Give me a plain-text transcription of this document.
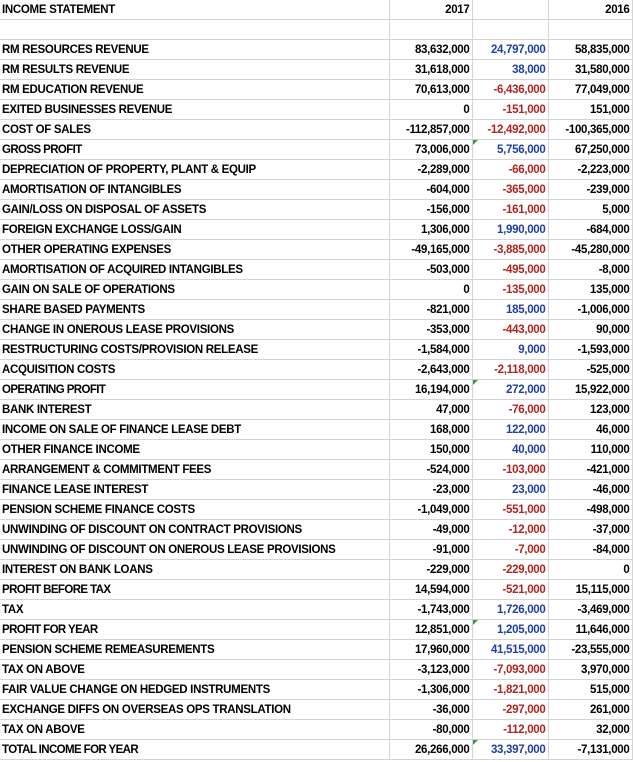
INCOME STATEMENT	2017		2016

RM RESOURCES REVENUE	83,632,000	24,797,000	58,835,000
RM RESULTS REVENUE	31,618,000	38,000	31,580,000
RM EDUCATION REVENUE	70,613,000	-6,436,000	77,049,000
EXITED BUSINESSES REVENUE	0	-151,000	151,000
COST OF SALES	-112,857,000	-12,492,000	-100,365,000
GROSS PROFIT	73,006,000	5,756,000	67,250,000
DEPRECIATION OF PROPERTY, PLANT & EQUIP	-2,289,000	-66,000	-2,223,000
AMORTISATION OF INTANGIBLES	-604,000	-365,000	-239,000
GAIN/LOSS ON DISPOSAL OF ASSETS	-156,000	-161,000	5,000
FOREIGN EXCHANGE LOSS/GAIN	1,306,000	1,990,000	-684,000
OTHER OPERATING EXPENSES	-49,165,000	-3,885,000	-45,280,000
AMORTISATION OF ACQUIRED INTANGIBLES	-503,000	-495,000	-8,000
GAIN ON SALE OF OPERATIONS	0	-135,000	135,000
SHARE BASED PAYMENTS	-821,000	185,000	-1,006,000
CHANGE IN ONEROUS LEASE PROVISIONS	-353,000	-443,000	90,000
RESTRUCTURING COSTS/PROVISION RELEASE	-1,584,000	9,000	-1,593,000
ACQUISITION COSTS	-2,643,000	-2,118,000	-525,000
OPERATING PROFIT	16,194,000	272,000	15,922,000
BANK INTEREST	47,000	-76,000	123,000
INCOME ON SALE OF FINANCE LEASE DEBT	168,000	122,000	46,000
OTHER FINANCE INCOME	150,000	40,000	110,000
ARRANGEMENT & COMMITMENT FEES	-524,000	-103,000	-421,000
FINANCE LEASE INTEREST	-23,000	23,000	-46,000
PENSION SCHEME FINANCE COSTS	-1,049,000	-551,000	-498,000
UNWINDING OF DISCOUNT ON CONTRACT PROVISIONS	-49,000	-12,000	-37,000
UNWINDING OF DISCOUNT ON ONEROUS LEASE PROVISIONS	-91,000	-7,000	-84,000
INTEREST ON BANK LOANS	-229,000	-229,000	0
PROFIT BEFORE TAX	14,594,000	-521,000	15,115,000
TAX	-1,743,000	1,726,000	-3,469,000
PROFIT FOR YEAR	12,851,000	1,205,000	11,646,000
PENSION SCHEME REMEASUREMENTS	17,960,000	41,515,000	-23,555,000
TAX ON ABOVE	-3,123,000	-7,093,000	3,970,000
FAIR VALUE CHANGE ON HEDGED INSTRUMENTS	-1,306,000	-1,821,000	515,000
EXCHANGE DIFFS ON OVERSEAS OPS TRANSLATION	-36,000	-297,000	261,000
TAX ON ABOVE	-80,000	-112,000	32,000
TOTAL INCOME FOR YEAR	26,266,000	33,397,000	-7,131,000
